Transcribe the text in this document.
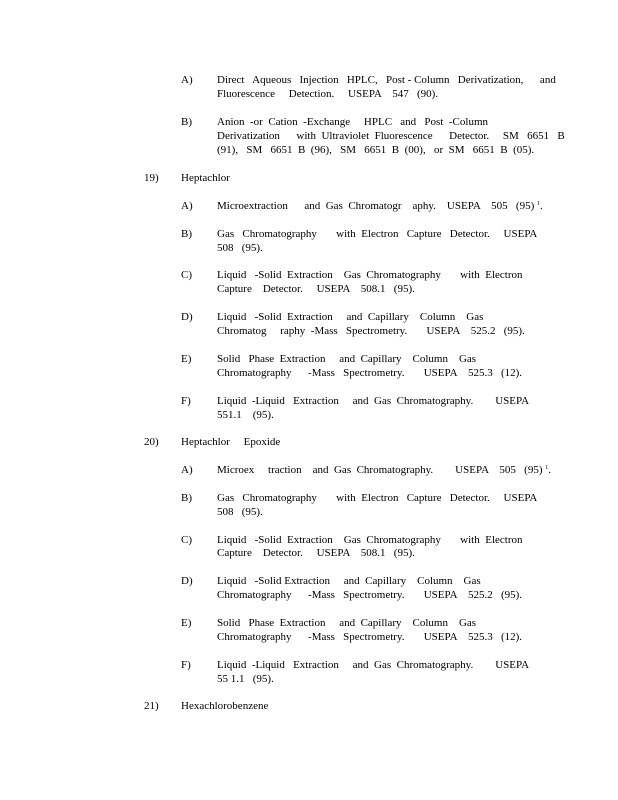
A) Direct   Aqueous   Injection   HPLC,   Post - Column   Derivatization,      and
Fluorescence     Detection.     USEPA    547   (90).
B) Anion  -or  Cation  -Exchange     HPLC   and   Post  -Column
Derivatization      with  Ultraviolet  Fluorescence      Detector.     SM   6651   B
(91),   SM   6651  B  (96),   SM   6651  B  (00),   or  SM   6651  B  (05).
19) Heptachlor
A) Microextraction      and  Gas  Chromatogr    aphy.    USEPA    505   (95) $^1$.
B) Gas   Chromatography       with  Electron   Capture   Detector.     USEPA
508   (95).
C) Liquid   -Solid  Extraction    Gas  Chromatography       with  Electron
Capture    Detector.     USEPA    508.1   (95).
D) Liquid   -Solid  Extraction     and  Capillary    Column    Gas
Chromatog     raphy  -Mass   Spectrometry.       USEPA    525.2   (95).
E) Solid   Phase  Extraction     and  Capillary    Column    Gas
Chromatography      -Mass   Spectrometry.       USEPA    525.3   (12).
F) Liquid  -Liquid   Extraction     and  Gas  Chromatography.        USEPA
551.1    (95).
20) Heptachlor     Epoxide
A) Microex     traction    and  Gas  Chromatography.        USEPA    505   (95) $^1$.
B) Gas   Chromatography       with  Electron   Capture   Detector.     USEPA
508   (95).
C) Liquid   -Solid  Extraction    Gas  Chromatography       with  Electron
Capture    Detector.     USEPA    508.1   (95).
D) Liquid   -Solid Extraction     and  Capillary    Column    Gas
Chromatography      -Mass   Spectrometry.       USEPA    525.2   (95).
E) Solid   Phase  Extraction     and  Capillary    Column    Gas
Chromatography      -Mass   Spectrometry.       USEPA    525.3   (12).
F) Liquid  -Liquid   Extraction     and  Gas  Chromatography.        USEPA
55 1.1   (95).
21) Hexachlorobenzene
